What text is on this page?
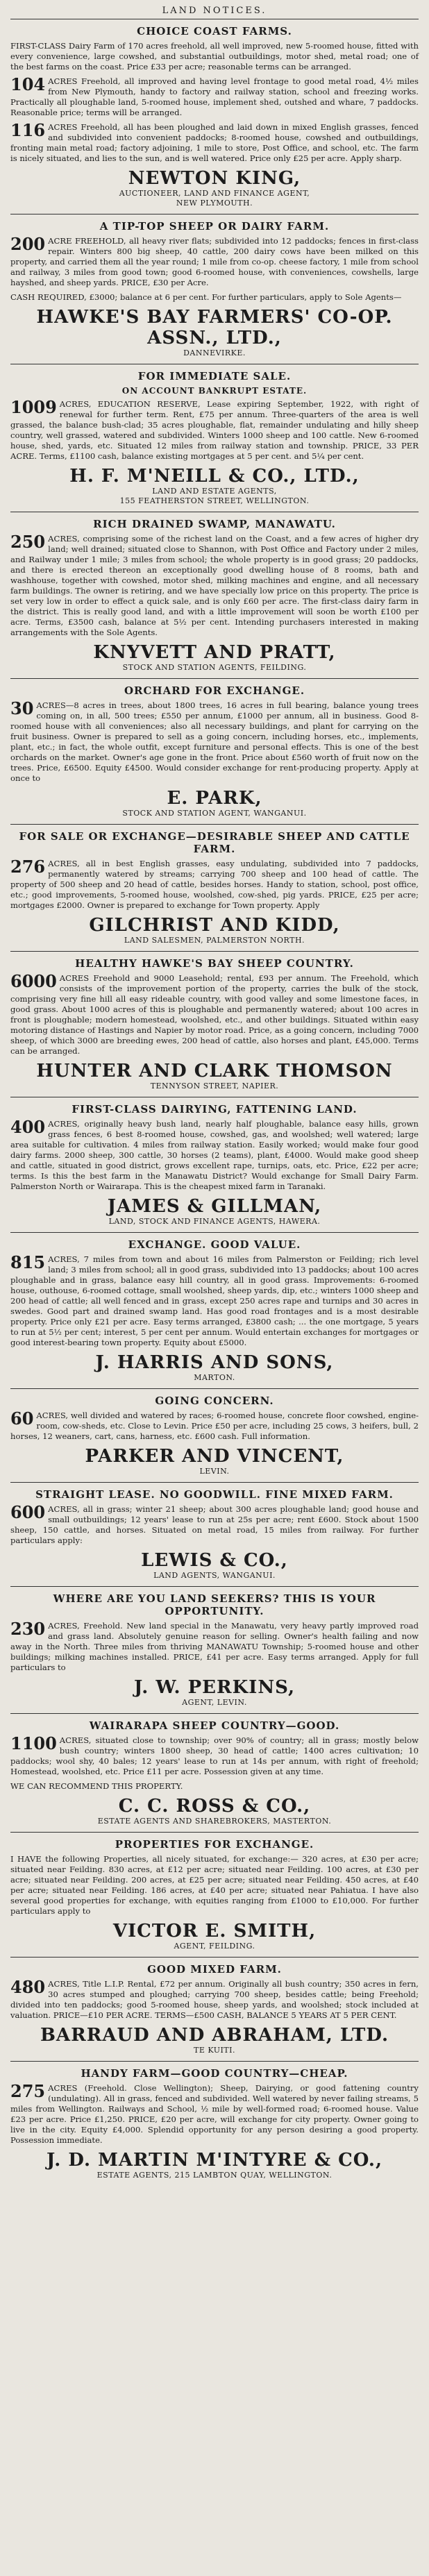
LAND NOTICES.
CHOICE COAST FARMS.
FIRST-CLASS Dairy Farm of 170 acres freehold, all well improved, new 5-roomed house, fitted with every convenience, large cowshed, and substantial outbuildings, motor shed, metal road; one of the best farms on the coast. Price £33 per acre; reasonable terms can be arranged.
104 ACRES Freehold, all improved and having level frontage to good metal road, 4½ miles from New Plymouth, handy to factory and railway station, school and freezing works. Practically all ploughable land, 5-roomed house, implement shed, outshed and whare, 7 paddocks. Reasonable price; terms will be arranged.
116 ACRES Freehold, all has been ploughed and laid down in mixed English grasses, fenced and subdivided into convenient paddocks; 8-roomed house, cowshed and outbuildings, fronting main metal road; factory adjoining, 1 mile to store, Post Office, and school, etc. The farm is nicely situated, and lies to the sun, and is well watered. Price only £25 per acre. Apply sharp.
NEWTON KING,
AUCTIONEER, LAND AND FINANCE AGENT,
NEW PLYMOUTH.
A TIP-TOP SHEEP OR DAIRY FARM.
200 ACRE FREEHOLD, all heavy river flats; subdivided into 12 paddocks; fences in first-class repair. Winters 800 big sheep, 40 cattle, 200 dairy cows have been milked on this property, and carried them all the year round; 1 mile from co-op. cheese factory, 1 mile from school and railway, 3 miles from good town; good 6-roomed house, with conveniences, cowshells, large hayshed, and sheep yards. PRICE, £30 per Acre.
CASH REQUIRED, £3000; balance at 6 per cent. For further particulars, apply to Sole Agents—
HAWKE'S BAY FARMERS' CO-OP. ASSN., LTD.,
DANNEVIRKE.
FOR IMMEDIATE SALE.
ON ACCOUNT BANKRUPT ESTATE.
1009 ACRES, EDUCATION RESERVE, Lease expiring September, 1922, with right of renewal for further term. Rent, £75 per annum. Three-quarters of the area is well grassed, the balance bush-clad; 35 acres ploughable, flat, remainder undulating and hilly sheep country, well grassed, watered and subdivided. Winters 1000 sheep and 100 cattle. New 6-roomed house, shed, yards, etc. Situated 12 miles from railway station and township. PRICE, 33 PER ACRE. Terms, £1100 cash, balance existing mortgages at 5 per cent. and 5¼ per cent.
H. F. M'NEILL & CO., LTD.,
LAND AND ESTATE AGENTS,
155 FEATHERSTON STREET, WELLINGTON.
RICH DRAINED SWAMP, MANAWATU.
250 ACRES, comprising some of the richest land on the Coast, and a few acres of higher dry land; well drained; situated close to Shannon, with Post Office and Factory under 2 miles, and Railway under 1 mile; 3 miles from school; the whole property is in good grass; 20 paddocks, and there is erected thereon an exceptionally good dwelling house of 8 rooms, bath and washhouse, together with cowshed, motor shed, milking machines and engine, and all necessary farm buildings. The owner is retiring, and we have specially low price on this property. The price is set very low in order to effect a quick sale, and is only £60 per acre. The first-class dairy farm in the district. This is really good land, and with a little improvement will soon be worth £100 per acre. Terms, £3500 cash, balance at 5½ per cent. Intending purchasers interested in making arrangements with the Sole Agents.
KNYVETT AND PRATT,
STOCK AND STATION AGENTS, FEILDING.
ORCHARD FOR EXCHANGE.
30 ACRES—8 acres in trees, about 1800 trees, 16 acres in full bearing, balance young trees coming on, in all, 500 trees; £550 per annum, £1000 per annum, all in business. Good 8-roomed house with all conveniences; also all necessary buildings, and plant for carrying on the fruit business. Owner is prepared to sell as a going concern, including horses, etc., implements, plant, etc.; in fact, the whole outfit, except furniture and personal effects. This is one of the best orchards on the market. Owner's age gone in the front. Price about £560 worth of fruit now on the trees. Price, £6500. Equity £4500. Would consider exchange for rent-producing property. Apply at once to
E. PARK,
STOCK AND STATION AGENT, WANGANUI.
FOR SALE OR EXCHANGE—DESIRABLE SHEEP AND CATTLE FARM.
276 ACRES, all in best English grasses, easy undulating, subdivided into 7 paddocks, permanently watered by streams; carrying 700 sheep and 100 head of cattle. The property of 500 sheep and 20 head of cattle, besides horses. Handy to station, school, post office, etc.; good improvements, 5-roomed house, woolshed, cow-shed, pig yards. PRICE, £25 per acre; mortgages £2000. Owner is prepared to exchange for Town property. Apply
GILCHRIST AND KIDD,
LAND SALESMEN, PALMERSTON NORTH.
HEALTHY HAWKE'S BAY SHEEP COUNTRY.
6000 ACRES Freehold and 9000 Leasehold; rental, £93 per annum. The Freehold, which consists of the improvement portion of the property, carries the bulk of the stock, comprising very fine hill all easy rideable country, with good valley and some limestone faces, in good grass. About 1000 acres of this is ploughable and permanently watered; about 100 acres in front is ploughable; modern homestead, woolshed, etc., and other buildings. Situated within easy motoring distance of Hastings and Napier by motor road. Price, as a going concern, including 7000 sheep, of which 3000 are breeding ewes, 200 head of cattle, also horses and plant, £45,000. Terms can be arranged.
HUNTER AND CLARK THOMSON
TENNYSON STREET, NAPIER.
FIRST-CLASS DAIRYING, FATTENING LAND.
400 ACRES, originally heavy bush land, nearly half ploughable, balance easy hills, grown grass fences, 6 best 8-roomed house, cowshed, gas, and woolshed; well watered; large area suitable for cultivation. 4 miles from railway station. Easily worked; would make four good dairy farms. 2000 sheep, 300 cattle, 30 horses (2 teams), plant, £4000. Would make good sheep and cattle, situated in good district, grows excellent rape, turnips, oats, etc. Price, £22 per acre; terms. Is this the best farm in the Manawatu District? Would exchange for Small Dairy Farm. Palmerston North or Wairarapa. This is the cheapest mixed farm in Taranaki.
JAMES & GILLMAN,
LAND, STOCK AND FINANCE AGENTS, HAWERA.
EXCHANGE. GOOD VALUE.
815 ACRES, 7 miles from town and about 16 miles from Palmerston or Feilding; rich level land; 3 miles from school; all in good grass, subdivided into 13 paddocks; about 100 acres ploughable and in grass, balance easy hill country, all in good grass. Improvements: 6-roomed house, outhouse, 6-roomed cottage, small woolshed, sheep yards, dip, etc.; winters 1000 sheep and 200 head of cattle; all well fenced and in grass, except 250 acres rape and turnips and 30 acres in swedes. Good part and drained swamp land. Has good road frontages and is a most desirable property. Price only £21 per acre. Easy terms arranged, £3800 cash; ... the one mortgage, 5 years to run at 5½ per cent; interest, 5 per cent per annum. Would entertain exchanges for mortgages or good interest-bearing town property. Equity about £5000.
J. HARRIS AND SONS,
MARTON.
GOING CONCERN.
60 ACRES, well divided and watered by races; 6-roomed house, concrete floor cowshed, engine-room, cow-sheds, etc. Close to Levin. Price £50 per acre, including 25 cows, 3 heifers, bull, 2 horses, 12 weaners, cart, cans, harness, etc. £600 cash. Full information.
PARKER AND VINCENT,
LEVIN.
STRAIGHT LEASE. NO GOODWILL. FINE MIXED FARM.
600 ACRES, all in grass; winter 21 sheep; about 300 acres ploughable land; good house and small outbuildings; 12 years' lease to run at 25s per acre; rent £600. Stock about 1500 sheep, 150 cattle, and horses. Situated on metal road, 15 miles from railway. For further particulars apply:
LEWIS & CO.,
LAND AGENTS, WANGANUI.
WHERE ARE YOU LAND SEEKERS? THIS IS YOUR OPPORTUNITY.
230 ACRES, Freehold. New land special in the Manawatu, very heavy partly improved road and grass land. Absolutely genuine reason for selling. Owner's health failing and now away in the North. Three miles from thriving MANAWATU Township; 5-roomed house and other buildings; milking machines installed. PRICE, £41 per acre. Easy terms arranged. Apply for full particulars to
J. W. PERKINS,
AGENT, LEVIN.
WAIRARAPA SHEEP COUNTRY—GOOD.
1100 ACRES, situated close to township; over 90% of country; all in grass; mostly below bush country; winters 1800 sheep, 30 head of cattle; 1400 acres cultivation; 10 paddocks; wool shy, 40 bales; 12 years' lease to run at 14s per annum, with right of freehold; Homestead, woolshed, etc. Price £11 per acre. Possession given at any time.
WE CAN RECOMMEND THIS PROPERTY.
C. C. ROSS & CO.,
ESTATE AGENTS AND SHAREBROKERS, MASTERTON.
PROPERTIES FOR EXCHANGE.
I HAVE the following Properties, all nicely situated, for exchange:— 320 acres, at £30 per acre; situated near Feilding. 830 acres, at £12 per acre; situated near Feilding. 100 acres, at £30 per acre; situated near Feilding. 200 acres, at £25 per acre; situated near Feilding. 450 acres, at £40 per acre; situated near Feilding. 186 acres, at £40 per acre; situated near Pahiatua. I have also several good properties for exchange, with equities ranging from £1000 to £10,000. For further particulars apply to
VICTOR E. SMITH,
AGENT, FEILDING.
GOOD MIXED FARM.
480 ACRES, Title L.I.P. Rental, £72 per annum. Originally all bush country; 350 acres in fern, 30 acres stumped and ploughed; carrying 700 sheep, besides cattle; being Freehold; divided into ten paddocks; good 5-roomed house, sheep yards, and woolshed; stock included at valuation. PRICE—£10 PER ACRE. TERMS—£500 CASH, BALANCE 5 YEARS AT 5 PER CENT.
BARRAUD AND ABRAHAM, LTD.
TE KUITI.
HANDY FARM—GOOD COUNTRY—CHEAP.
275 ACRES (Freehold. Close Wellington); Sheep, Dairying, or good fattening country (undulating). All in grass, fenced and subdivided. Well watered by never failing streams, 5 miles from Wellington. Railways and School, ½ mile by well-formed road; 6-roomed house. Value £23 per acre. Price £1,250. PRICE, £20 per acre, will exchange for city property. Owner going to live in the city. Equity £4,000. Splendid opportunity for any person desiring a good property. Possession immediate.
J. D. MARTIN M'INTYRE & CO.,
ESTATE AGENTS, 215 LAMBTON QUAY, WELLINGTON.
